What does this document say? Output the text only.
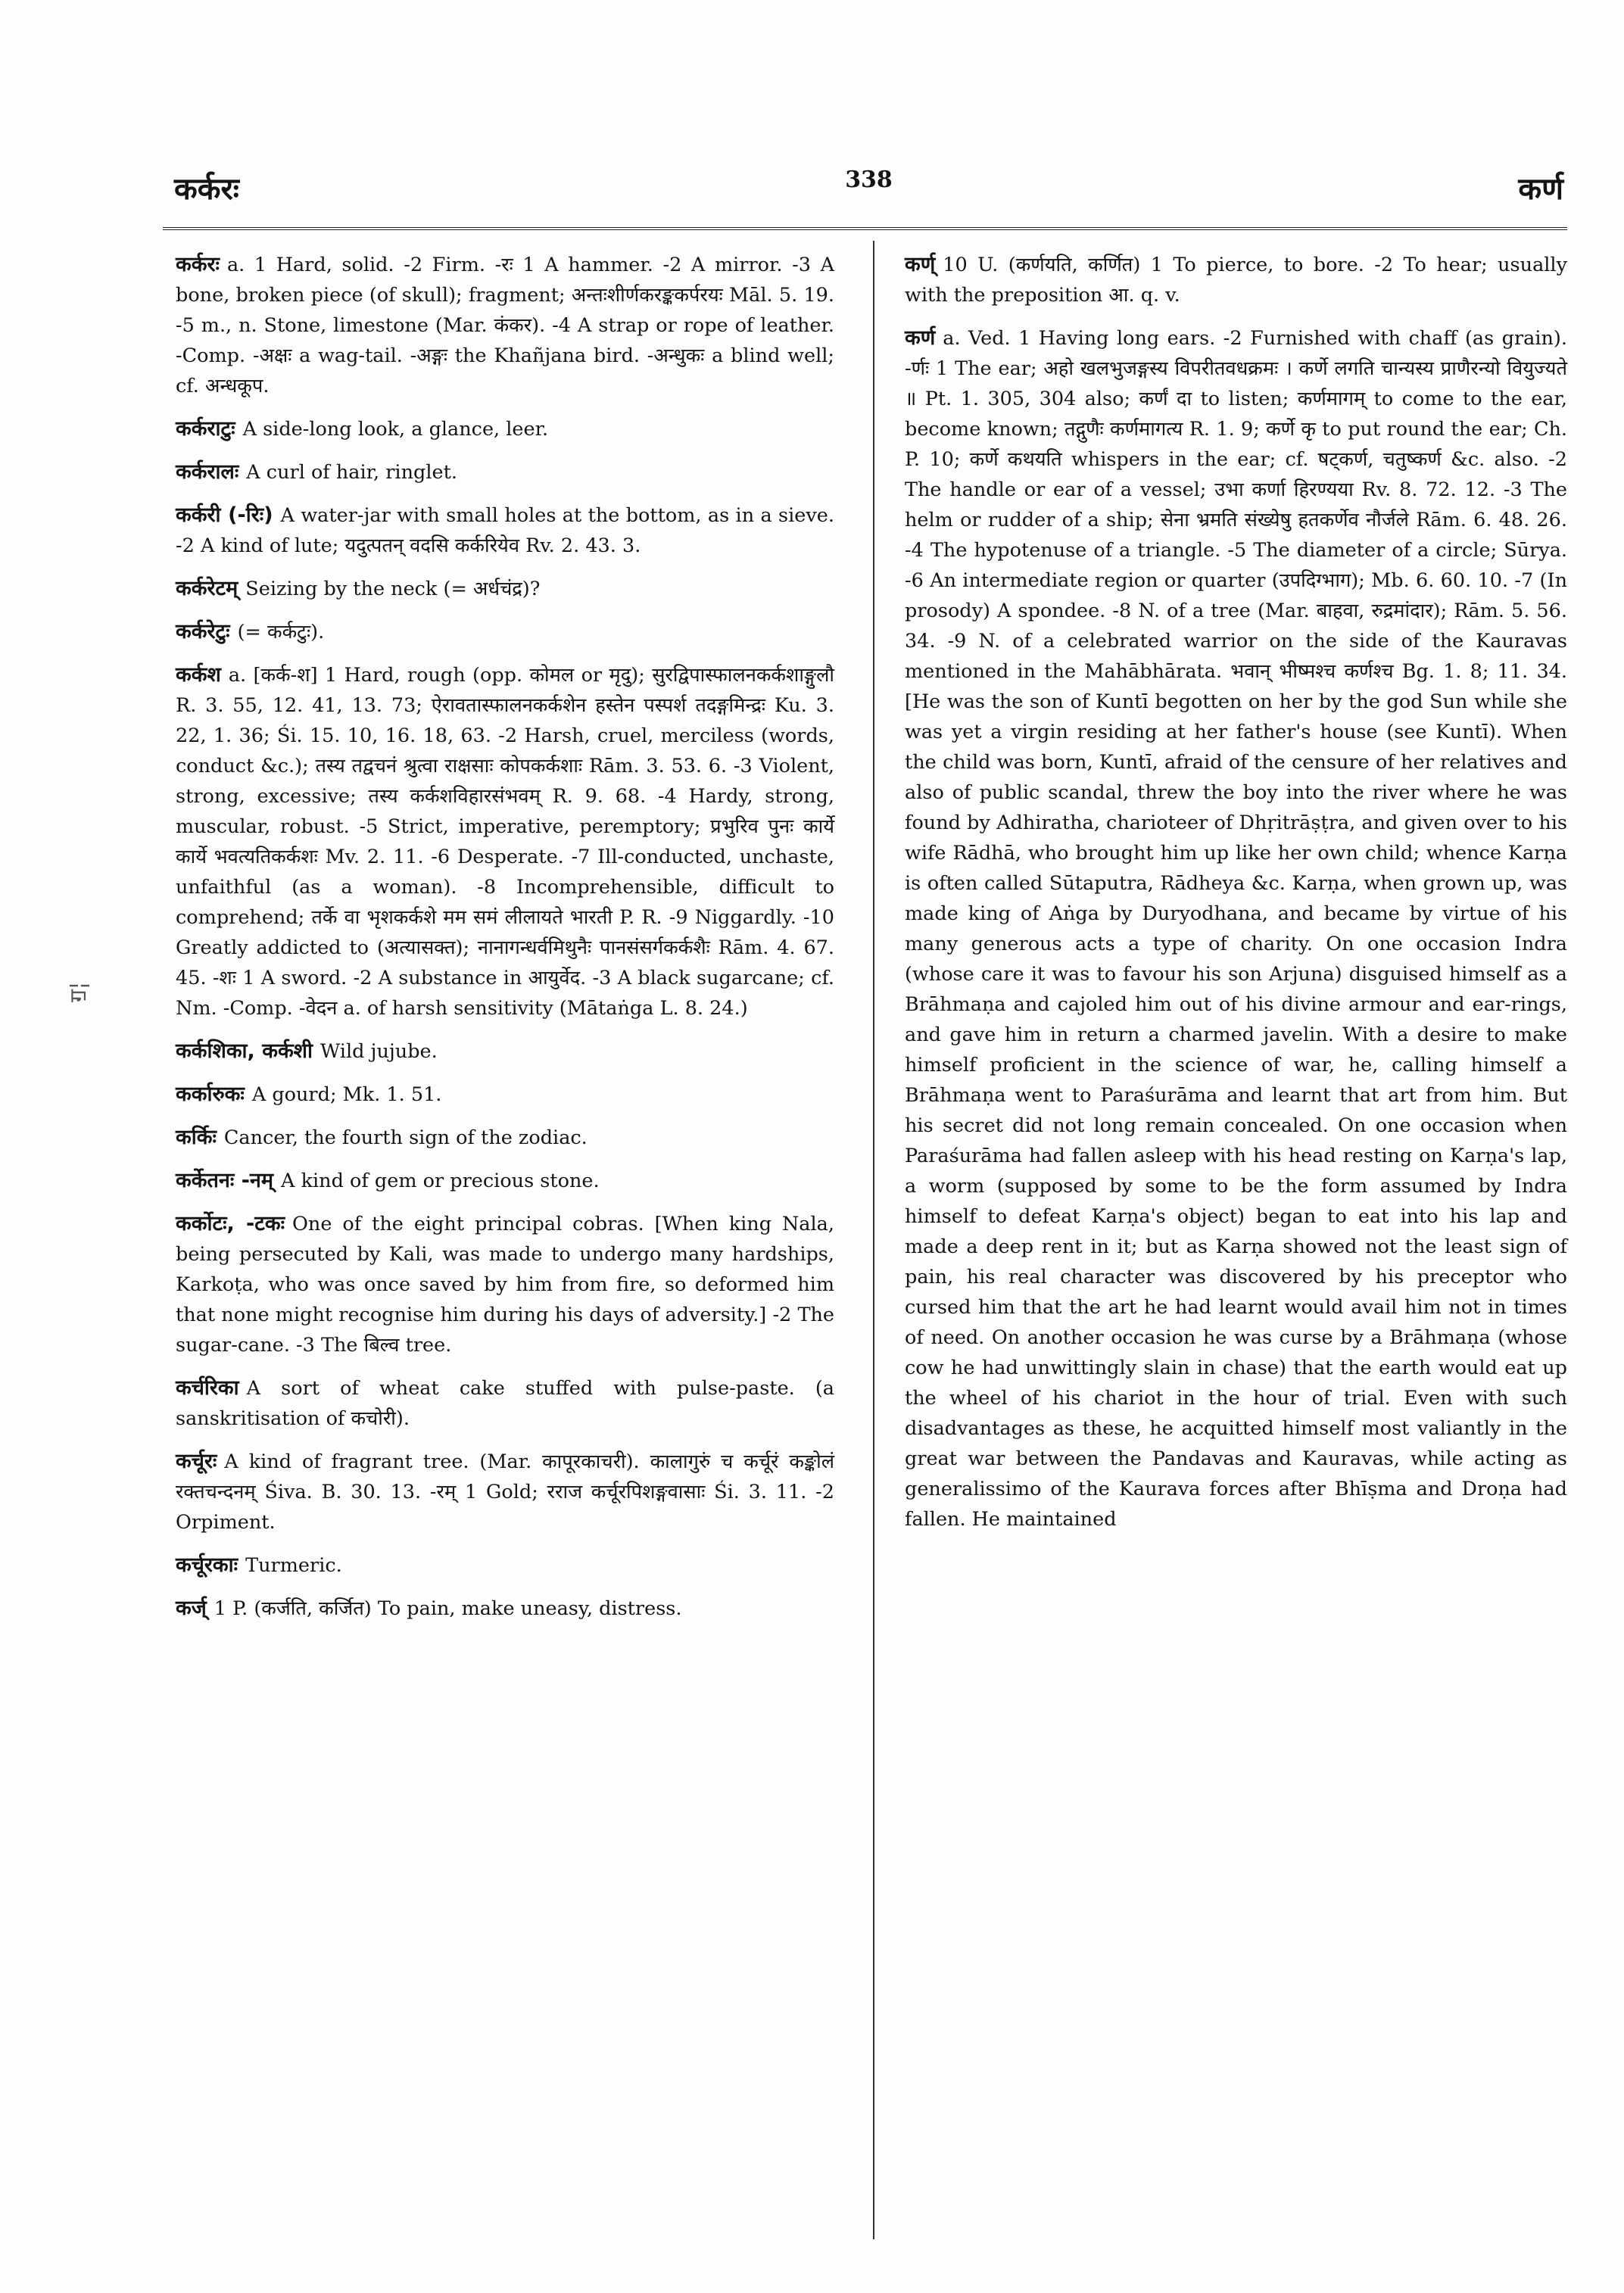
कर्करः	338	कर्ण
ॻ¦

कर्करः a. 1 Hard, solid. -2 Firm. -रः 1 A hammer. -2 A mirror. -3 A bone, broken piece (of skull); fragment; अन्तःशीर्णकरङ्ककर्परयः Māl. 5. 19. -5 m., n. Stone, limestone (Mar. कंकर). -4 A strap or rope of leather. -Comp. -अक्षः a wag-tail. -अङ्गः the Khañjana bird. -अन्धुकः a blind well; cf. अन्धकूप.

कर्कराटुः A side-long look, a glance, leer.

कर्करालः A curl of hair, ringlet.

कर्करी (-रिः) A water-jar with small holes at the bottom, as in a sieve. -2 A kind of lute; यदुत्पतन् वदसि कर्करियेव Rv. 2. 43. 3.

कर्करेटम् Seizing by the neck (= अर्धचंद्र)?

कर्करेटुः (= कर्कटुः).

कर्कश a. [कर्क-श] 1 Hard, rough (opp. कोमल or मृदु); सुरद्विपास्फालनकर्कशाङ्गुलौ R. 3. 55, 12. 41, 13. 73; ऐरावतास्फालनकर्कशेन हस्तेन पस्पर्श तदङ्गमिन्द्रः Ku. 3. 22, 1. 36; Śi. 15. 10, 16. 18, 63. -2 Harsh, cruel, merciless (words, conduct &c.); तस्य तद्वचनं श्रुत्वा राक्षसाः कोपकर्कशाः Rām. 3. 53. 6. -3 Violent, strong, excessive; तस्य कर्कशविहारसंभवम् R. 9. 68. -4 Hardy, strong, muscular, robust. -5 Strict, imperative, peremptory; प्रभुरिव पुनः कार्ये कार्ये भवत्यतिकर्कशः Mv. 2. 11. -6 Desperate. -7 Ill-conducted, unchaste, unfaithful (as a woman). -8 Incomprehensible, difficult to comprehend; तर्के वा भृशकर्कशे मम समं लीलायते भारती P. R. -9 Niggardly. -10 Greatly addicted to (अत्यासक्त); नानागन्धर्वमिथुनैः पानसंसर्गकर्कशैः Rām. 4. 67. 45. -शः 1 A sword. -2 A substance in आयुर्वेद. -3 A black sugarcane; cf. Nm. -Comp. -वेदन a. of harsh sensitivity (Mātaṅga L. 8. 24.)

कर्कशिका, कर्कशी Wild jujube.

कर्कारुकः A gourd; Mk. 1. 51.

कर्किः Cancer, the fourth sign of the zodiac.

कर्केतनः -नम् A kind of gem or precious stone.

कर्कोटः, -टकः One of the eight principal cobras. [When king Nala, being persecuted by Kali, was made to undergo many hardships, Karkoṭa, who was once saved by him from fire, so deformed him that none might recognise him during his days of adversity.] -2 The sugar-cane. -3 The बिल्व tree.

कर्चरिका A sort of wheat cake stuffed with pulse-paste. (a sanskritisation of कचोरी).

कर्चूरः A kind of fragrant tree. (Mar. कापूरकाचरी). कालागुरुं च कर्चूरं कङ्कोलं रक्तचन्दनम् Śiva. B. 30. 13. -रम् 1 Gold; रराज कर्चूरपिशङ्गवासाः Śi. 3. 11. -2 Orpiment.

कर्चूरकाः Turmeric.

कर्ज् 1 P. (कर्जति, कर्जित) To pain, make uneasy, distress.

कर्ण् 10 U. (कर्णयति, कर्णित) 1 To pierce, to bore. -2 To hear; usually with the preposition आ. q. v.

कर्ण a. Ved. 1 Having long ears. -2 Furnished with chaff (as grain). -र्णः 1 The ear; अहो खलभुजङ्गस्य विपरीतवधक्रमः । कर्णे लगति चान्यस्य प्राणैरन्यो वियुज्यते ॥ Pt. 1. 305, 304 also; कर्णं दा to listen; कर्णमागम् to come to the ear, become known; तद्गुणैः कर्णमागत्य R. 1. 9; कर्णे कृ to put round the ear; Ch. P. 10; कर्णे कथयति whispers in the ear; cf. षट्कर्ण, चतुष्कर्ण &c. also. -2 The handle or ear of a vessel; उभा कर्णा हिरण्यया Rv. 8. 72. 12. -3 The helm or rudder of a ship; सेना भ्रमति संख्येषु हतकर्णेव नौर्जले Rām. 6. 48. 26. -4 The hypotenuse of a triangle. -5 The diameter of a circle; Sūrya. -6 An intermediate region or quarter (उपदिग्भाग); Mb. 6. 60. 10. -7 (In prosody) A spondee. -8 N. of a tree (Mar. बाहवा, रुद्रमांदार); Rām. 5. 56. 34. -9 N. of a celebrated warrior on the side of the Kauravas mentioned in the Mahābhārata. भवान् भीष्मश्च कर्णश्च Bg. 1. 8; 11. 34. [He was the son of Kuntī begotten on her by the god Sun while she was yet a virgin residing at her father's house (see Kuntī). When the child was born, Kuntī, afraid of the censure of her relatives and also of public scandal, threw the boy into the river where he was found by Adhiratha, charioteer of Dhṛitrāṣṭra, and given over to his wife Rādhā, who brought him up like her own child; whence Karṇa is often called Sūtaputra, Rādheya &c. Karṇa, when grown up, was made king of Aṅga by Duryodhana, and became by virtue of his many generous acts a type of charity. On one occasion Indra (whose care it was to favour his son Arjuna) disguised himself as a Brāhmaṇa and cajoled him out of his divine armour and ear-rings, and gave him in return a charmed javelin. With a desire to make himself proficient in the science of war, he, calling himself a Brāhmaṇa went to Paraśurāma and learnt that art from him. But his secret did not long remain concealed. On one occasion when Paraśurāma had fallen asleep with his head resting on Karṇa's lap, a worm (supposed by some to be the form assumed by Indra himself to defeat Karṇa's object) began to eat into his lap and made a deep rent in it; but as Karṇa showed not the least sign of pain, his real character was discovered by his preceptor who cursed him that the art he had learnt would avail him not in times of need. On another occasion he was curse by a Brāhmaṇa (whose cow he had unwittingly slain in chase) that the earth would eat up the wheel of his chariot in the hour of trial. Even with such disadvantages as these, he acquitted himself most valiantly in the great war between the Pandavas and Kauravas, while acting as generalissimo of the Kaurava forces after Bhīṣma and Droṇa had fallen. He maintained
